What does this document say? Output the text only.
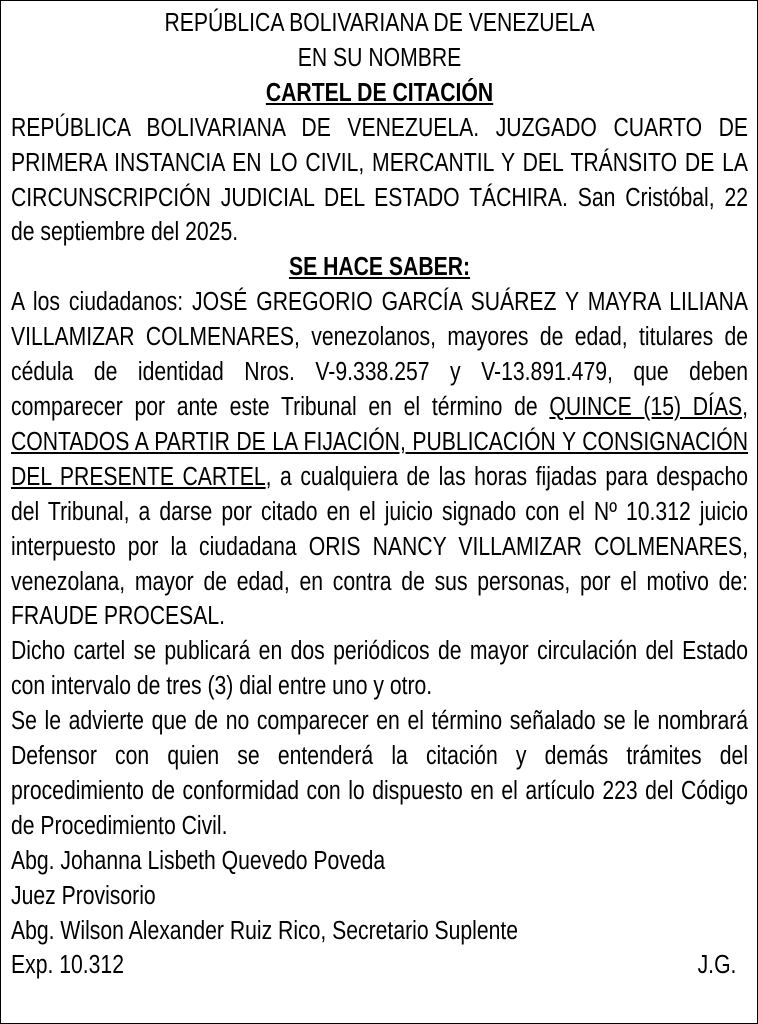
REPÚBLICA BOLIVARIANA DE VENEZUELA
EN SU NOMBRE
CARTEL DE CITACIÓN
REPÚBLICA BOLIVARIANA DE VENEZUELA. JUZGADO CUARTO DE PRIMERA INSTANCIA EN LO CIVIL, MERCANTIL Y DEL TRÁNSITO DE LA CIRCUNSCRIPCIÓN JUDICIAL DEL ESTADO TÁCHIRA. San Cristóbal, 22 de septiembre del 2025.
SE HACE SABER:
A los ciudadanos: JOSÉ GREGORIO GARCÍA SUÁREZ Y MAYRA LILIANA VILLAMIZAR COLMENARES, venezolanos, mayores de edad, titulares de cédula de identidad Nros. V-9.338.257 y V-13.891.479, que deben comparecer por ante este Tribunal en el término de QUINCE (15) DÍAS, CONTADOS A PARTIR DE LA FIJACIÓN, PUBLICACIÓN Y CONSIGNACIÓN DEL PRESENTE CARTEL, a cualquiera de las horas fijadas para despacho del Tribunal, a darse por citado en el juicio signado con el Nº 10.312 juicio interpuesto por la ciudadana ORIS NANCY VILLAMIZAR COLMENARES, venezolana, mayor de edad, en contra de sus personas, por el motivo de: FRAUDE PROCESAL.
Dicho cartel se publicará en dos periódicos de mayor circulación del Estado con intervalo de tres (3) dial entre uno y otro.
Se le advierte que de no comparecer en el término señalado se le nombrará Defensor con quien se entenderá la citación y demás trámites del procedimiento de conformidad con lo dispuesto en el artículo 223 del Código de Procedimiento Civil.
Abg. Johanna Lisbeth Quevedo Poveda
Juez Provisorio
Abg. Wilson Alexander Ruiz Rico, Secretario Suplente
Exp. 10.312	J.G.
